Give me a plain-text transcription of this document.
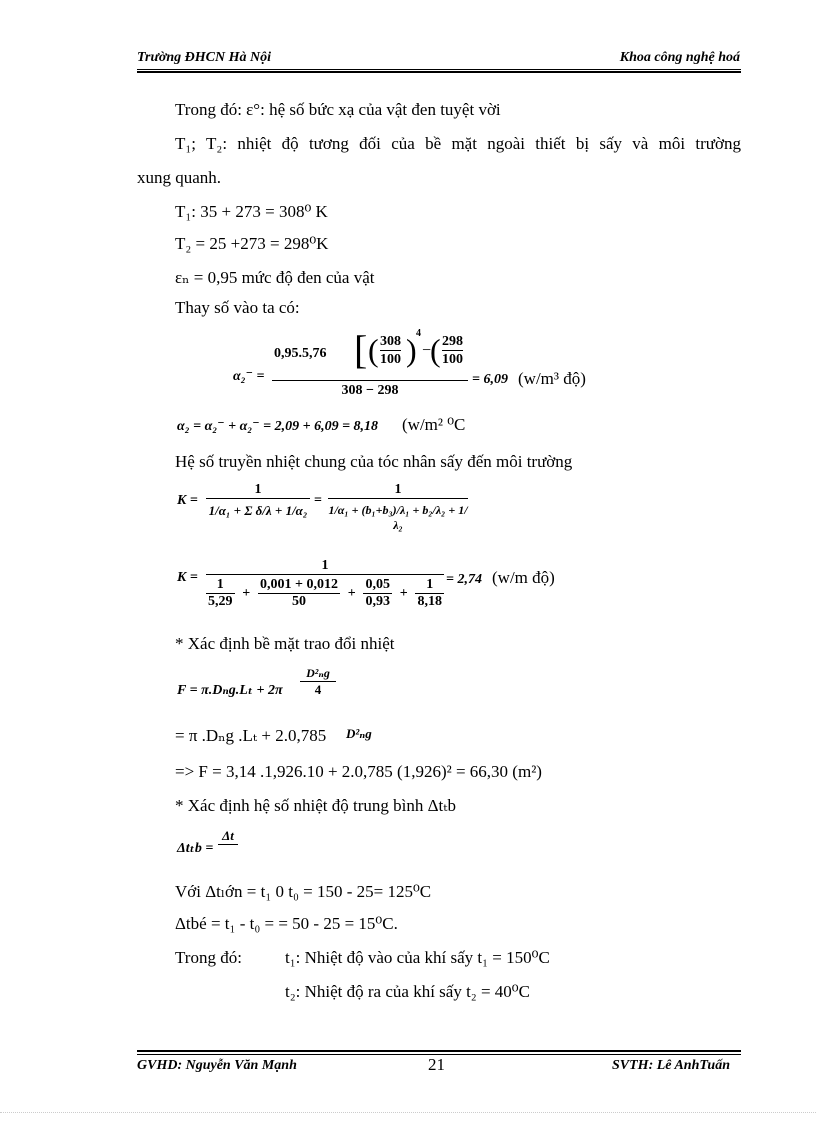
Trường ĐHCN Hà Nội	Khoa công nghệ hoá
Trong đó: ε°: hệ số bức xạ của vật đen tuyệt vời
T₁; T₂: nhiệt độ tương đối của bề mặt ngoài thiết bị sấy và môi trường
xung quanh.
T₁: 35 + 273 = 308⁰ K
T₂ = 25 +273 = 298⁰K
εₙ = 0,95 mức độ đen của vật
Thay số vào ta có:
α₂⁻ =
0,95.5,76 [ ( 308
100 ) 4
−
( 298
100
308 − 298
= 6,09 (w/m³ độ)
α₂ = α₂⁻ + α₂⁻ = 2,09 + 6,09 = 8,18 (w/m² ⁰C
Hệ số truyền nhiệt chung của tóc nhân sấy đến môi trường
$K = \frac{1}{\text{1/α₁ + Σ δ/λ + 1/α₂}} = \frac{1}{\text{1/α₁ + (b₁+b₃)/λ₁ + b₂/λ₂ + 1/λ₂}}$
K =
1
$\frac{1}{5,29} + \frac{0,001 + 0,012}{50} + \frac{0,05}{0,93} + \frac{1}{8,18} = 2,74$ (w/m độ)
* Xác định bề mặt trao đổi nhiệt
$F = \pi.D_ng.L_t + 2\pi \frac{\text{D²ₙg}}{4}$
= π .Dₙg .Lₜ + 2.0,785 D²ₙg
=> F = 3,14 .1,926.10 + 2.0,785 (1,926)² = 66,30 (m²)
* Xác định hệ số nhiệt độ trung bình Δtₜb
Δtₜb =
Δt
Với Δtₗớn = t₁ 0 t₀ = 150 - 25= 125⁰C
Δtbé = t₁ - t₀ = = 50 - 25 = 15⁰C.
Trong đó:	t₁: Nhiệt độ vào của khí sấy t₁ = 150⁰C
t₂: Nhiệt độ ra của khí sấy t₂ = 40⁰C
GVHD: Nguyễn Văn Mạnh	21	SVTH: Lê AnhTuấn
